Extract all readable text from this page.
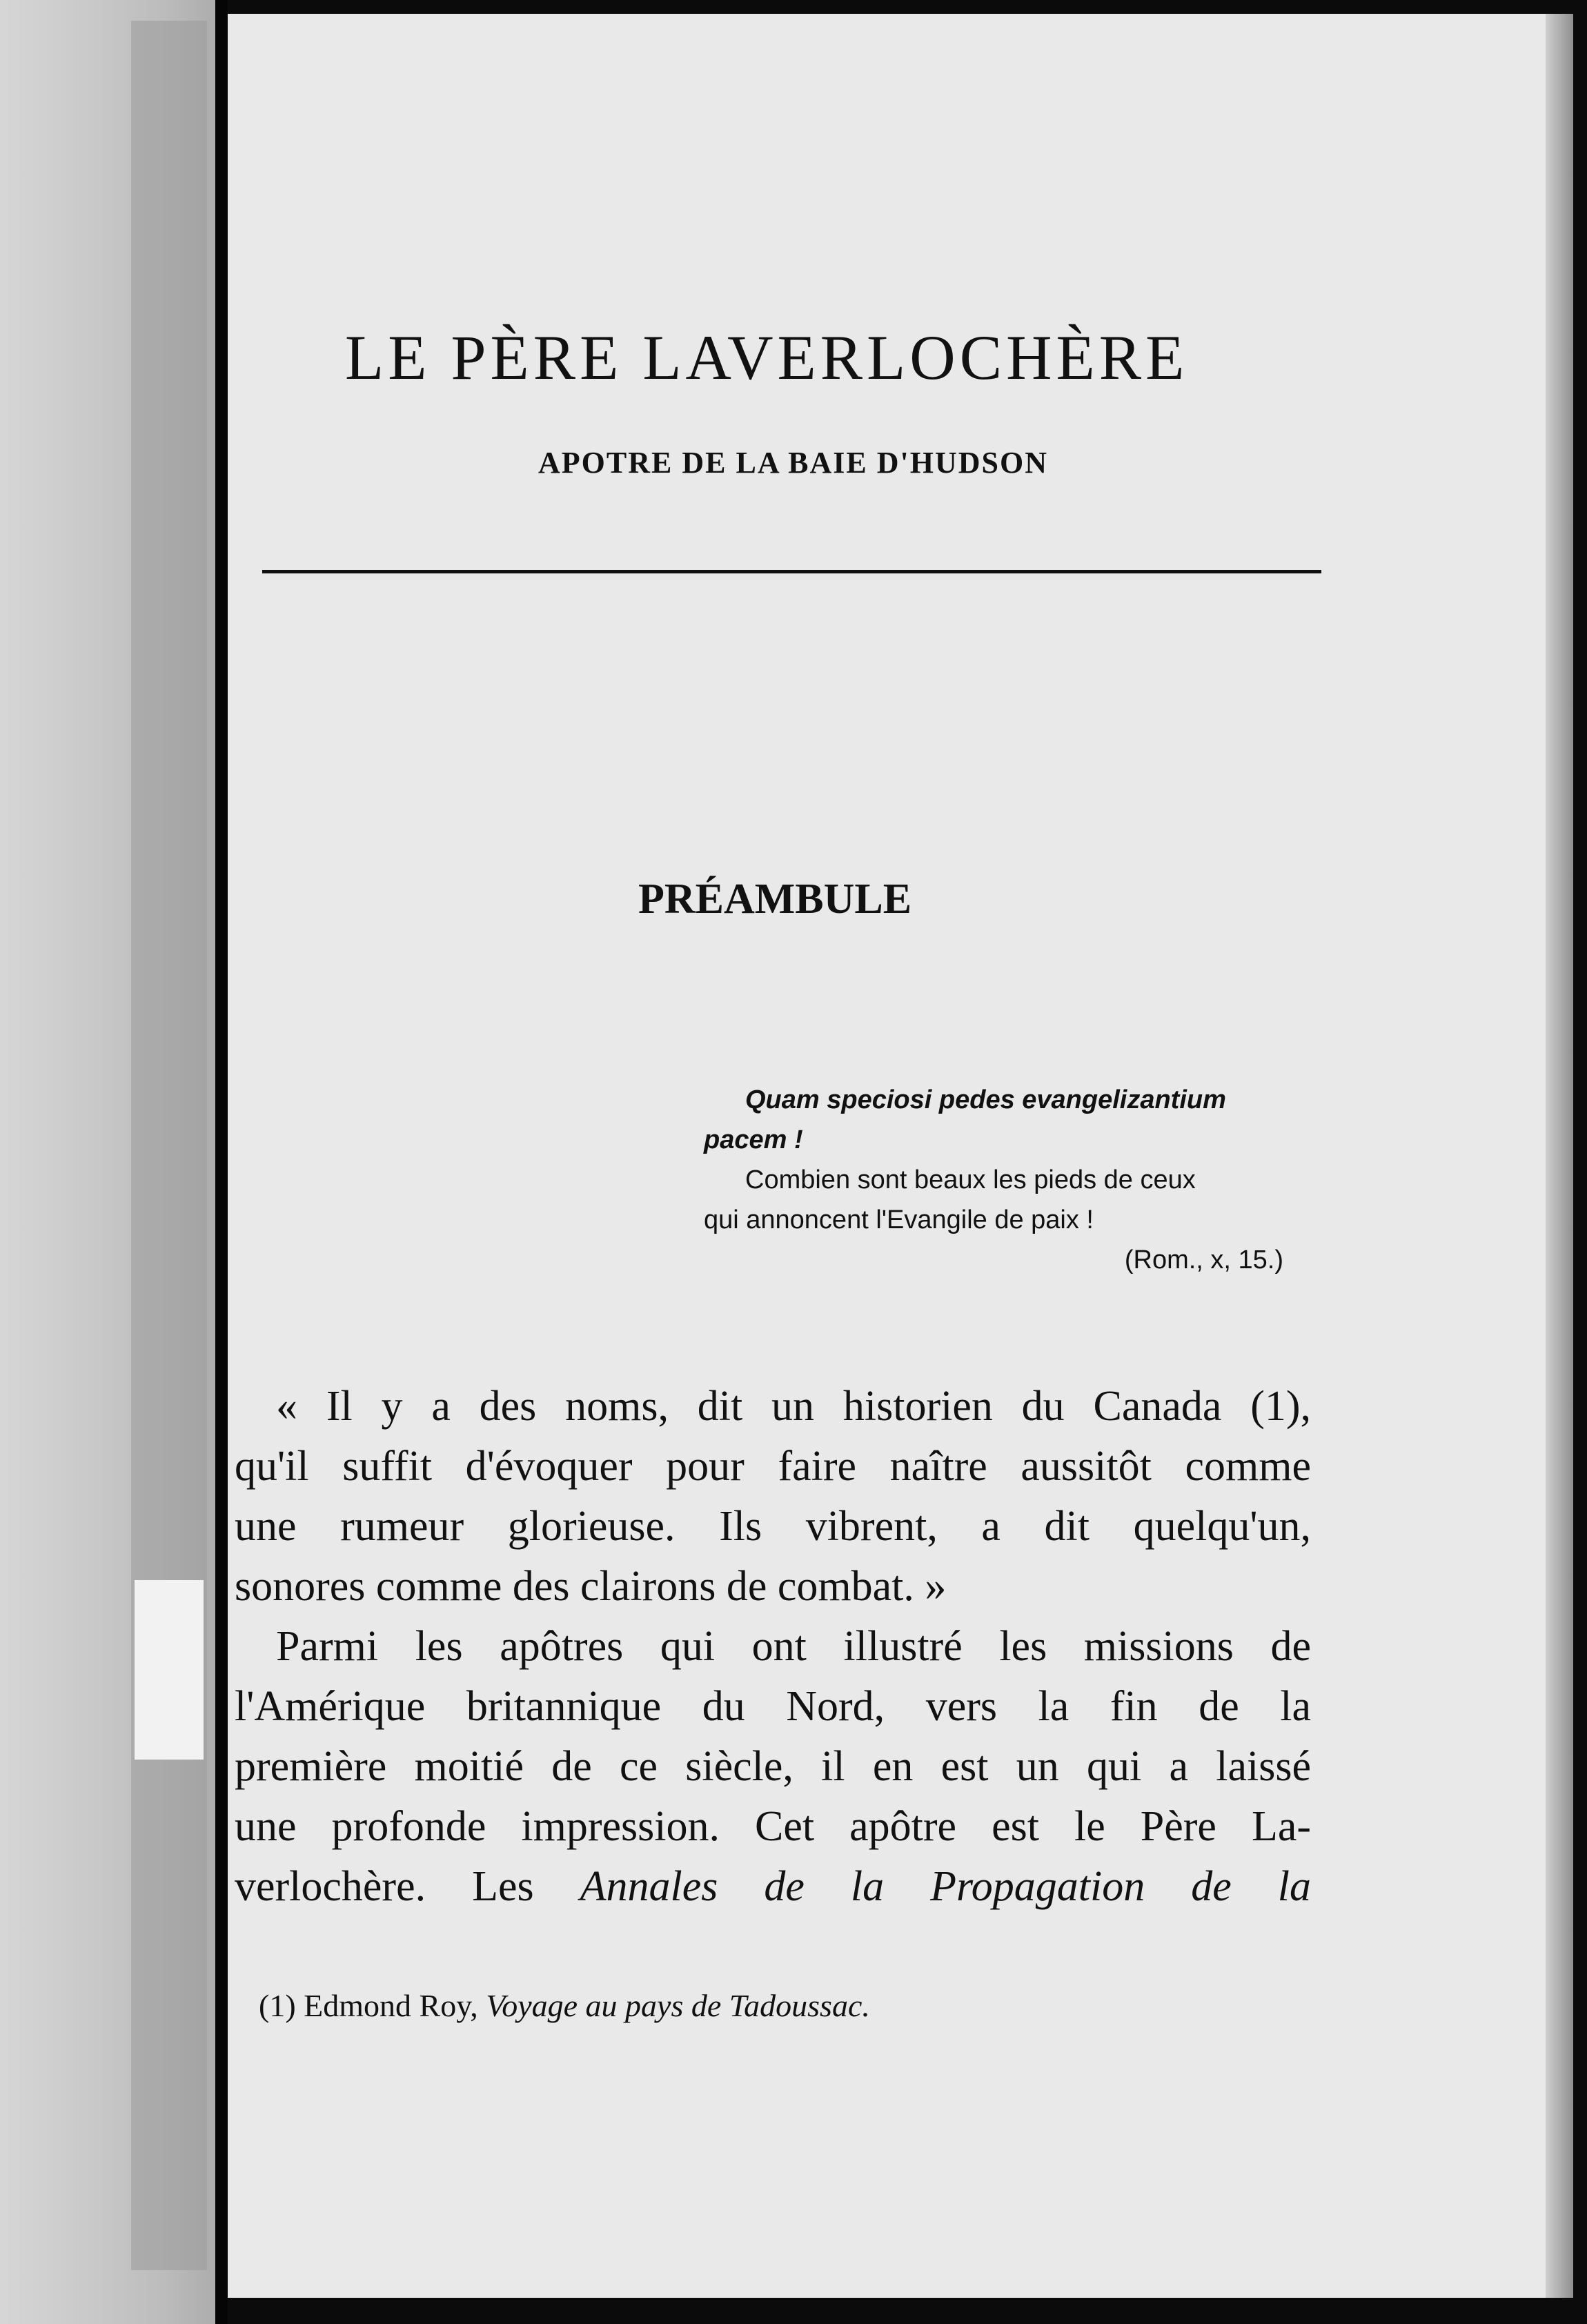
LE PÈRE LAVERLOCHÈRE
APOTRE DE LA BAIE D'HUDSON
PRÉAMBULE
Quam speciosi pedes evangelizantium
pacem !
Combien sont beaux les pieds de ceux
qui annoncent l'Evangile de paix !
(Rom., x, 15.)
« Il y a des noms, dit un historien du Canada (1),
qu'il suffit d'évoquer pour faire naître aussitôt comme
une rumeur glorieuse. Ils vibrent, a dit quelqu'un,
sonores comme des clairons de combat. »
Parmi les apôtres qui ont illustré les missions de
l'Amérique britannique du Nord, vers la fin de la
première moitié de ce siècle, il en est un qui a laissé
une profonde impression. Cet apôtre est le Père La-
verlochère. Les Annales de la Propagation de la
(1) Edmond Roy, Voyage au pays de Tadoussac.
